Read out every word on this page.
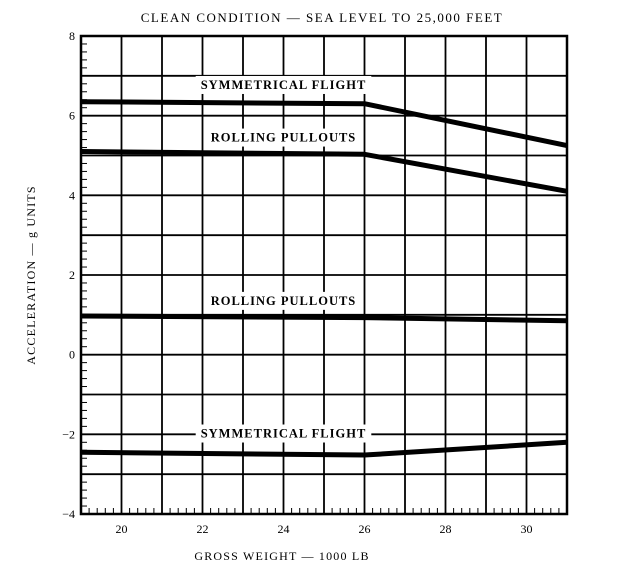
CLEAN CONDITION — SEA LEVEL TO 25,000 FEET
20	22	24	26	28	30
−4
−2
0
2
4
6
8
SYMMETRICAL FLIGHT
ROLLING PULLOUTS
ROLLING PULLOUTS
SYMMETRICAL FLIGHT
GROSS WEIGHT — 1000 LB
ACCELERATION — g UNITS
